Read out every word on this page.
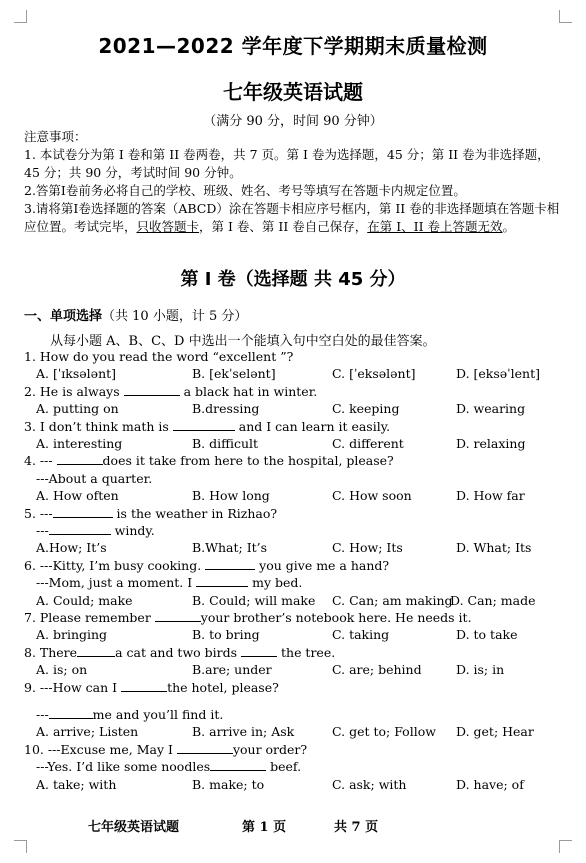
2021—2022 学年度下学期期末质量检测
七年级英语试题
（满分 90 分，时间 90 分钟）

注意事项：

1. 本试卷分为第 I 卷和第 II 卷两卷，共 7 页。第 I 卷为选择题，45 分；第 II 卷为非选择题，45 分；共 90 分，考试时间 90 分钟。

2.答第I卷前务必将自己的学校、班级、姓名、考号等填写在答题卡内规定位置。

3.请将第I卷选择题的答案（ABCD）涂在答题卡相应序号框内，第 II 卷的非选择题填在答题卡相应位置。考试完毕，只收答题卡，第 I 卷、第 II 卷自己保存，在第 I、II 卷上答题无效。

第 I 卷（选择题 共 45 分）
一、单项选择（共 10 小题，计 5 分）
从每小题 A、B、C、D 中选出一个能填入句中空白处的最佳答案。
1. How do you read the word “excellent ”?
A. [ˈɪksələnt]	B. [ekˈselənt]	C. [ˈeksələnt]	D. [eksəˈlent]
2. He is always	a black hat in winter.
A. putting on	B.dressing	C. keeping	D. wearing
3. I don’t think math is	and I can learn it easily.
A. interesting	B. difficult	C. different	D. relaxing
4. ---	does it take from here to the hospital, please?
---About a quarter.
A. How often	B. How long	C. How soon	D. How far
5. ---	is the weather in Rizhao?
---	windy.
A.How; It’s	B.What; It’s	C. How; Its	D. What; Its
6. ---Kitty, I’m busy cooking.	you give me a hand?
---Mom, just a moment. I	my bed.
A. Could; make	B. Could; will make C. Can; am making
D. Can; made
7. Please remember	your brother’s notebook here. He needs it.
A. bringing	B. to bring	C. taking	D. to take
8. There	a cat and two birds	the tree.
A. is; on	B.are; under	C. are; behind	D. is; in
9. ---How can I	the hotel, please?
---	me and you’ll find it.
A. arrive; Listen	B. arrive in; Ask	C. get to; Follow D. get; Hear
10. ---Excuse me, May I	your order?
---Yes. I’d like some noodles	beef.
A. take; with	B. make; to	C. ask; with	D. have; of
七年级英语试题	第 1 页	共 7 页
